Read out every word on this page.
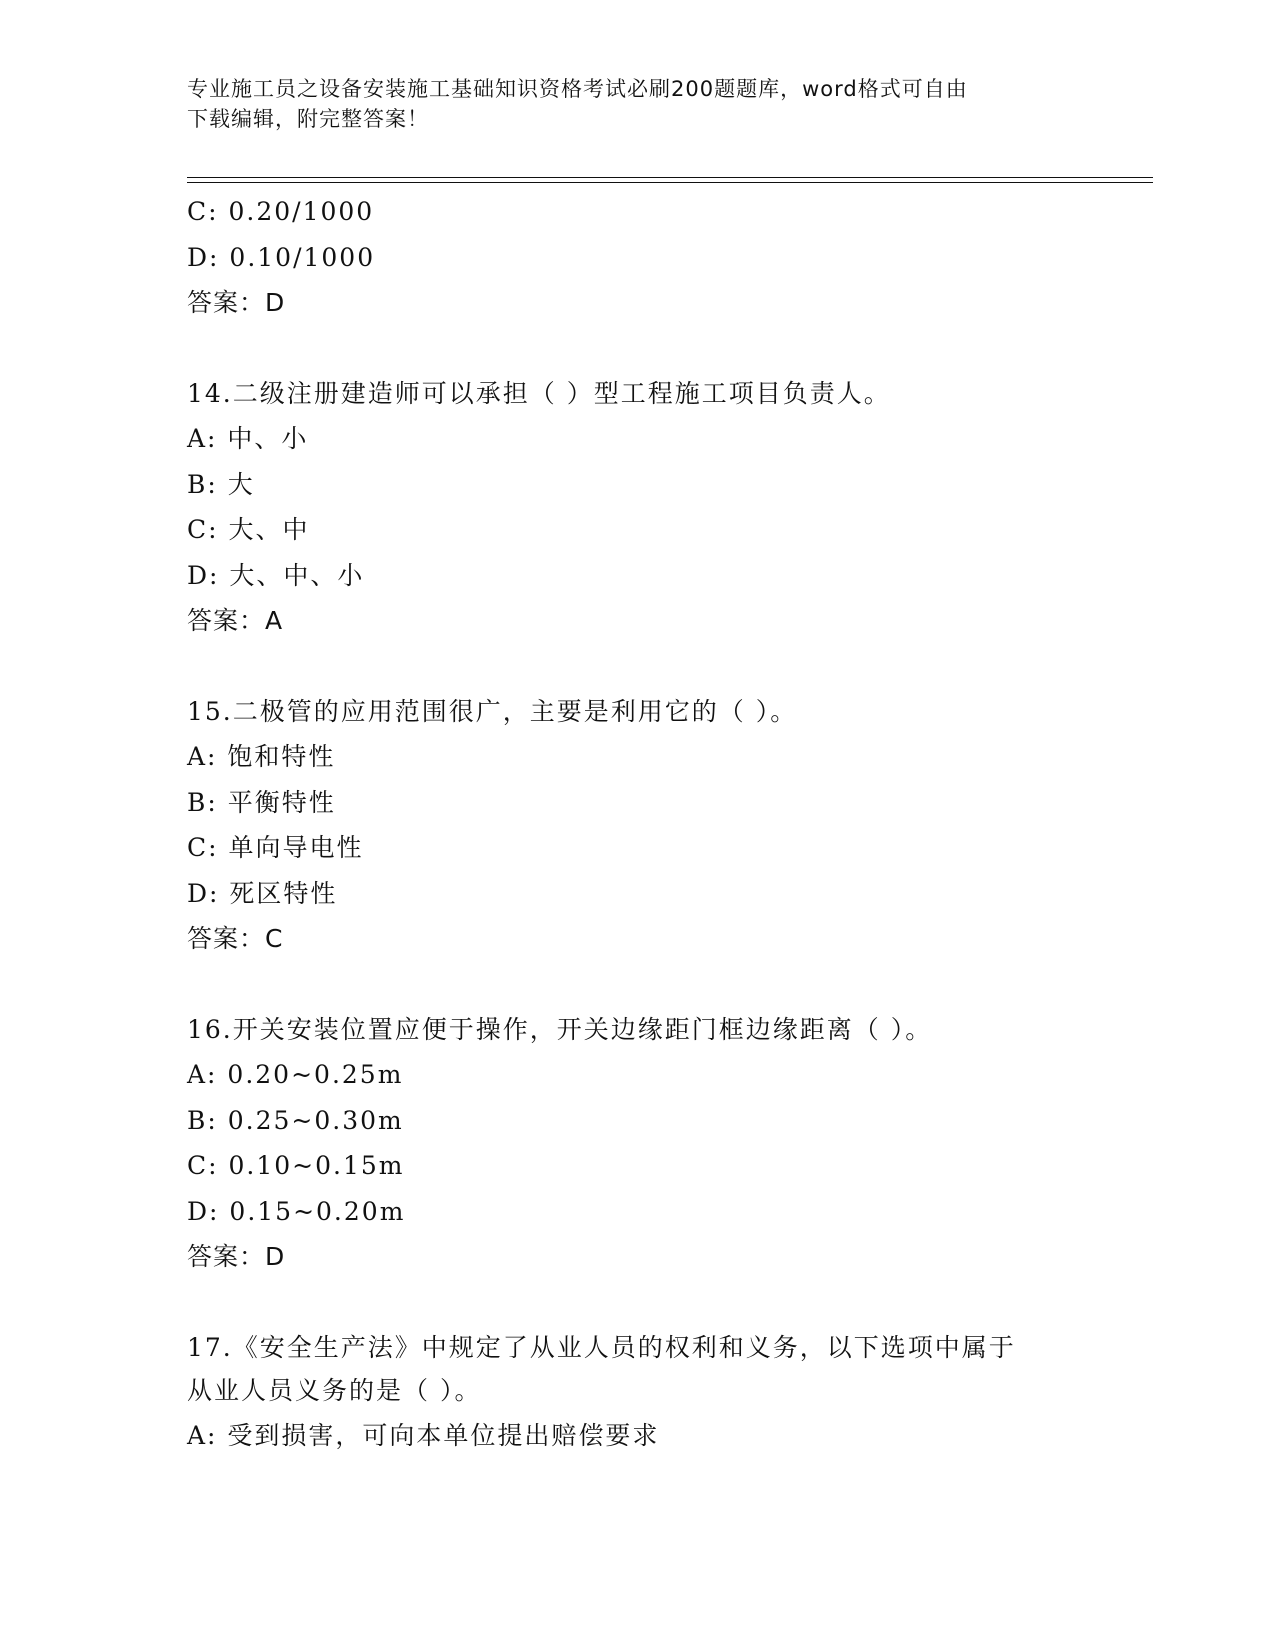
专业施工员之设备安装施工基础知识资格考试必刷200题题库，word格式可自由
下载编辑，附完整答案！
C: 0.20/1000
D: 0.10/1000
答案：D
14.二级注册建造师可以承担（ ）型工程施工项目负责人。
A: 中、小
B: 大
C: 大、中
D: 大、中、小
答案：A
15.二极管的应用范围很广，主要是利用它的（ ）。
A: 饱和特性
B: 平衡特性
C: 单向导电性
D: 死区特性
答案：C
16.开关安装位置应便于操作，开关边缘距门框边缘距离（ ）。
A: 0.20~0.25m
B: 0.25~0.30m
C: 0.10~0.15m
D: 0.15~0.20m
答案：D
17.《安全生产法》中规定了从业人员的权利和义务，以下选项中属于
从业人员义务的是（ ）。
A: 受到损害，可向本单位提出赔偿要求
